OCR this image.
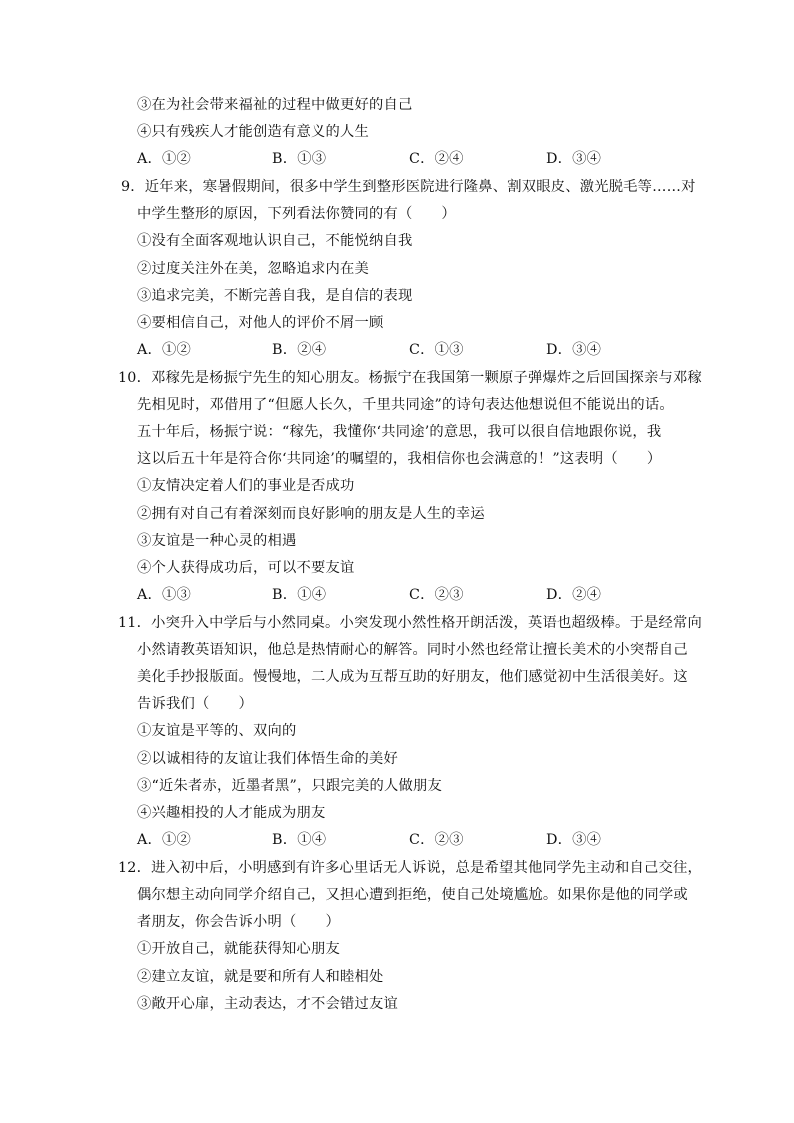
③在为社会带来福祉的过程中做更好的自己
④只有残疾人才能创造有意义的人生
A．①②	B．①③	C．②④	D．③④
9．近年来，寒暑假期间，很多中学生到整形医院进行隆鼻、割双眼皮、激光脱毛等……对
中学生整形的原因，下列看法你赞同的有（　　）
①没有全面客观地认识自己，不能悦纳自我
②过度关注外在美，忽略追求内在美
③追求完美，不断完善自我，是自信的表现
④要相信自己，对他人的评价不屑一顾
A．①②	B．②④	C．①③	D．③④
10．邓稼先是杨振宁先生的知心朋友。杨振宁在我国第一颗原子弹爆炸之后回国探亲与邓稼
先相见时，邓借用了“但愿人长久，千里共同途”的诗句表达他想说但不能说出的话。
五十年后，杨振宁说：“稼先，我懂你‘共同途’的意思，我可以很自信地跟你说，我
这以后五十年是符合你‘共同途’的嘱望的，我相信你也会满意的！”这表明（　　）
①友情决定着人们的事业是否成功
②拥有对自己有着深刻而良好影响的朋友是人生的幸运
③友谊是一种心灵的相遇
④个人获得成功后，可以不要友谊
A．①③	B．①④	C．②③	D．②④
11．小突升入中学后与小然同桌。小突发现小然性格开朗活泼，英语也超级棒。于是经常向
小然请教英语知识，他总是热情耐心的解答。同时小然也经常让擅长美术的小突帮自己
美化手抄报版面。慢慢地，二人成为互帮互助的好朋友，他们感觉初中生活很美好。这
告诉我们（　　）
①友谊是平等的、双向的
②以诚相待的友谊让我们体悟生命的美好
③“近朱者赤，近墨者黑”，只跟完美的人做朋友
④兴趣相投的人才能成为朋友
A．①②	B．①④	C．②③	D．③④
12．进入初中后，小明感到有许多心里话无人诉说，总是希望其他同学先主动和自己交往，
偶尔想主动向同学介绍自己，又担心遭到拒绝，使自己处境尴尬。如果你是他的同学或
者朋友，你会告诉小明（　　）
①开放自己，就能获得知心朋友
②建立友谊，就是要和所有人和睦相处
③敞开心扉，主动表达，才不会错过友谊
